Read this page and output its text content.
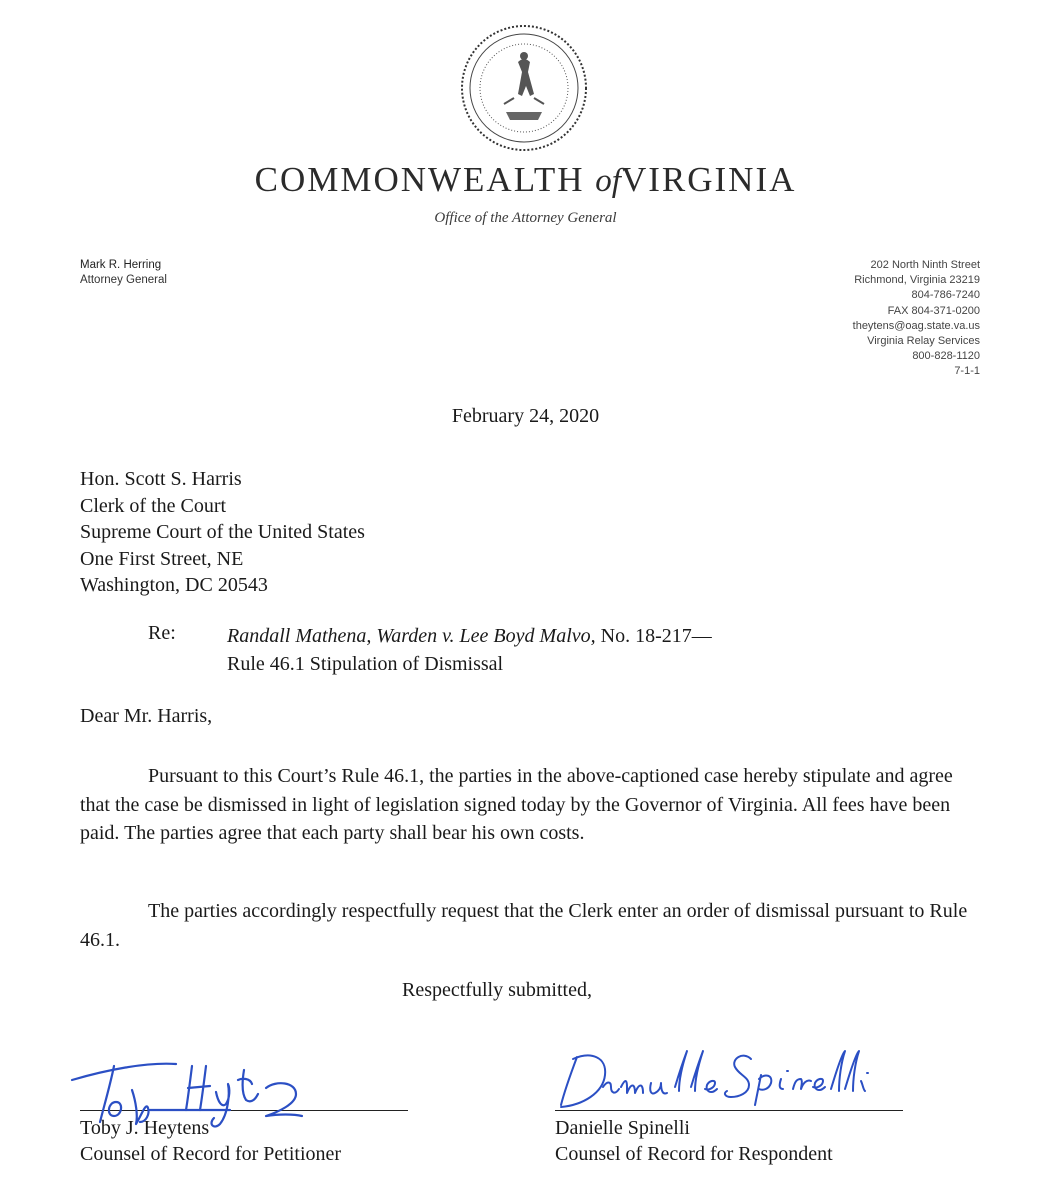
COMMONWEALTH ofVIRGINIA
Office of the Attorney General
Mark R. Herring
Attorney General
202 North Ninth Street
Richmond, Virginia 23219
804-786-7240
FAX 804-371-0200
theytens@oag.state.va.us
Virginia Relay Services
800-828-1120
7-1-1
February 24, 2020
Hon. Scott S. Harris
Clerk of the Court
Supreme Court of the United States
One First Street, NE
Washington, DC 20543
Re:	Randall Mathena, Warden v. Lee Boyd Malvo, No. 18-217—
Rule 46.1 Stipulation of Dismissal
Dear Mr. Harris,
Pursuant to this Court’s Rule 46.1, the parties in the above-captioned case hereby stipulate and agree that the case be dismissed in light of legislation signed today by the Governor of Virginia. All fees have been paid. The parties agree that each party shall bear his own costs.
The parties accordingly respectfully request that the Clerk enter an order of dismissal pursuant to Rule 46.1.
Respectfully submitted,
Toby J. Heytens
Counsel of Record for Petitioner
Danielle Spinelli
Counsel of Record for Respondent
